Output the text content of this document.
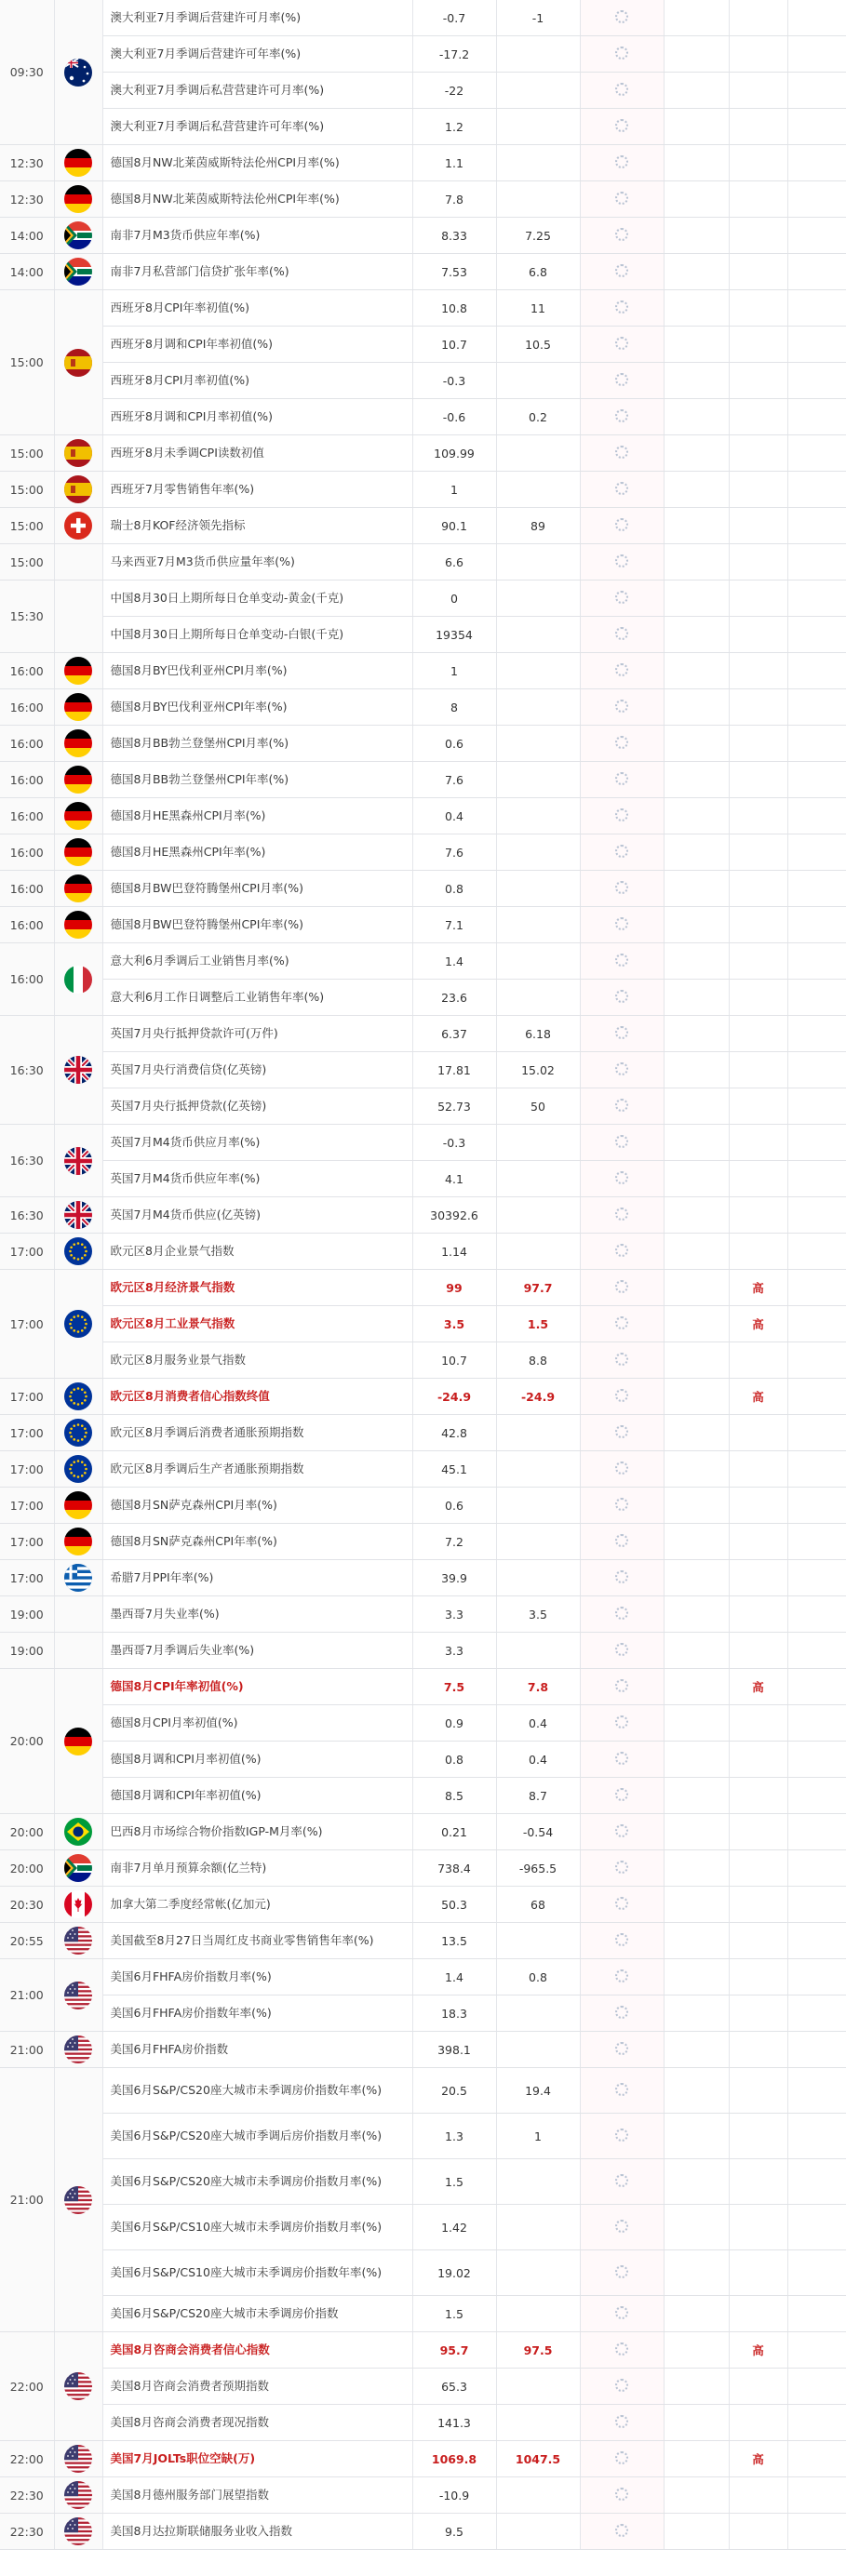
09:30		澳大利亚7月季调后营建许可月率(%)	-0.7	-1				
		澳大利亚7月季调后营建许可年率(%)	-17.2					
		澳大利亚7月季调后私营营建许可月率(%)	-22					
		澳大利亚7月季调后私营营建许可年率(%)	1.2					
12:30		德国8月NW北莱茵威斯特法伦州CPI月率(%)	1.1					
12:30		德国8月NW北莱茵威斯特法伦州CPI年率(%)	7.8					
14:00		南非7月M3货币供应年率(%)	8.33	7.25				
14:00		南非7月私营部门信贷扩张年率(%)	7.53	6.8				
15:00		西班牙8月CPI年率初值(%)	10.8	11				
		西班牙8月调和CPI年率初值(%)	10.7	10.5				
		西班牙8月CPI月率初值(%)	-0.3					
		西班牙8月调和CPI月率初值(%)	-0.6	0.2				
15:00		西班牙8月未季调CPI读数初值	109.99					
15:00		西班牙7月零售销售年率(%)	1					
15:00		瑞士8月KOF经济领先指标	90.1	89				
15:00		马来西亚7月M3货币供应量年率(%)	6.6					
15:30		中国8月30日上期所每日仓单变动-黄金(千克)	0					
		中国8月30日上期所每日仓单变动-白银(千克)	19354					
16:00		德国8月BY巴伐利亚州CPI月率(%)	1					
16:00		德国8月BY巴伐利亚州CPI年率(%)	8					
16:00		德国8月BB勃兰登堡州CPI月率(%)	0.6					
16:00		德国8月BB勃兰登堡州CPI年率(%)	7.6					
16:00		德国8月HE黑森州CPI月率(%)	0.4					
16:00		德国8月HE黑森州CPI年率(%)	7.6					
16:00		德国8月BW巴登符腾堡州CPI月率(%)	0.8					
16:00		德国8月BW巴登符腾堡州CPI年率(%)	7.1					
16:00		意大利6月季调后工业销售月率(%)	1.4					
		意大利6月工作日调整后工业销售年率(%)	23.6					
16:30		英国7月央行抵押贷款许可(万件)	6.37	6.18				
		英国7月央行消费信贷(亿英镑)	17.81	15.02				
		英国7月央行抵押贷款(亿英镑)	52.73	50				
16:30		英国7月M4货币供应月率(%)	-0.3					
		英国7月M4货币供应年率(%)	4.1					
16:30		英国7月M4货币供应(亿英镑)	30392.6					
17:00		欧元区8月企业景气指数	1.14					
17:00		欧元区8月经济景气指数	99	97.7			高	
		欧元区8月工业景气指数	3.5	1.5			高	
		欧元区8月服务业景气指数	10.7	8.8				
17:00		欧元区8月消费者信心指数终值	-24.9	-24.9			高	
17:00		欧元区8月季调后消费者通胀预期指数	42.8					
17:00		欧元区8月季调后生产者通胀预期指数	45.1					
17:00		德国8月SN萨克森州CPI月率(%)	0.6					
17:00		德国8月SN萨克森州CPI年率(%)	7.2					
17:00		希腊7月PPI年率(%)	39.9					
19:00		墨西哥7月失业率(%)	3.3	3.5				
19:00		墨西哥7月季调后失业率(%)	3.3					
20:00		德国8月CPI年率初值(%)	7.5	7.8			高	
		德国8月CPI月率初值(%)	0.9	0.4				
		德国8月调和CPI月率初值(%)	0.8	0.4				
		德国8月调和CPI年率初值(%)	8.5	8.7				
20:00		巴西8月市场综合物价指数IGP-M月率(%)	0.21	-0.54				
20:00		南非7月单月预算余额(亿兰特)	738.4	-965.5				
20:30		加拿大第二季度经常帐(亿加元)	50.3	68				
20:55		美国截至8月27日当周红皮书商业零售销售年率(%)	13.5					
21:00		美国6月FHFA房价指数月率(%)	1.4	0.8				
		美国6月FHFA房价指数年率(%)	18.3					
21:00		美国6月FHFA房价指数	398.1					
21:00		美国6月S&P/CS20座大城市未季调房价指数年率(%)	20.5	19.4				
		美国6月S&P/CS20座大城市季调后房价指数月率(%)	1.3	1				
		美国6月S&P/CS20座大城市未季调房价指数月率(%)	1.5					
		美国6月S&P/CS10座大城市未季调房价指数月率(%)	1.42					
		美国6月S&P/CS10座大城市未季调房价指数年率(%)	19.02					
		美国6月S&P/CS20座大城市未季调房价指数	1.5					
22:00		美国8月咨商会消费者信心指数	95.7	97.5			高	
		美国8月咨商会消费者预期指数	65.3					
		美国8月咨商会消费者现况指数	141.3					
22:00		美国7月JOLTs职位空缺(万)	1069.8	1047.5			高	
22:30		美国8月德州服务部门展望指数	-10.9					
22:30		美国8月达拉斯联储服务业收入指数	9.5					
